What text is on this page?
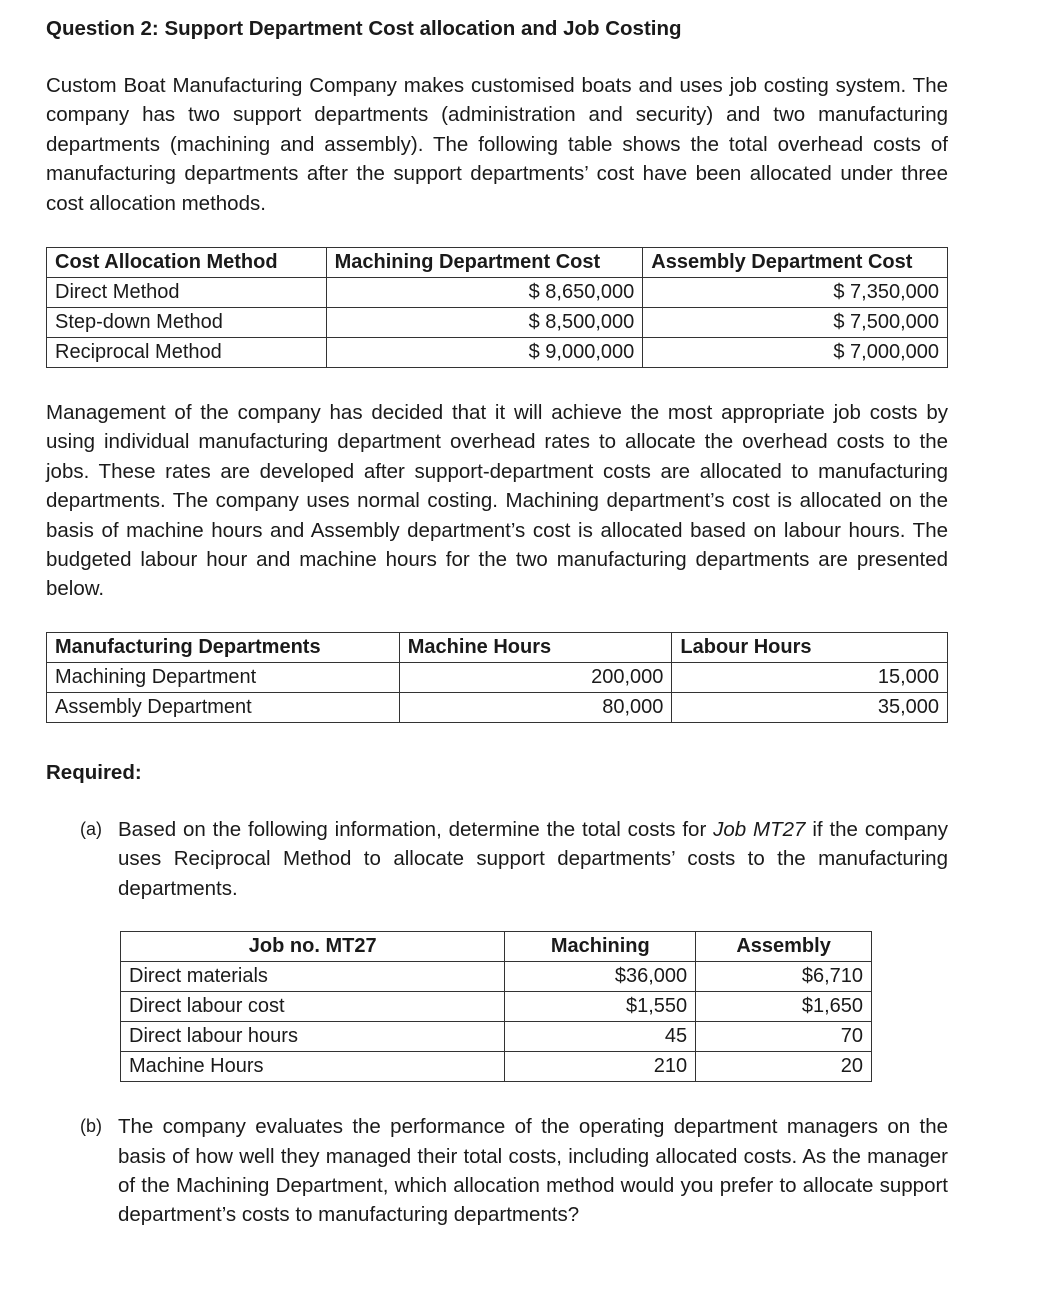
Question 2: Support Department Cost allocation and Job Costing

Custom Boat Manufacturing Company makes customised boats and uses job costing system. The company has two support departments (administration and security) and two manufacturing departments (machining and assembly). The following table shows the total overhead costs of manufacturing departments after the support departments’ cost have been allocated under three cost allocation methods.

Cost Allocation Method	Machining Department Cost	Assembly Department Cost
Direct Method	$ 8,650,000	$ 7,350,000
Step-down Method	$ 8,500,000	$ 7,500,000
Reciprocal Method	$ 9,000,000	$ 7,000,000

Management of the company has decided that it will achieve the most appropriate job costs by using individual manufacturing department overhead rates to allocate the overhead costs to the jobs. These rates are developed after support-department costs are allocated to manufacturing departments. The company uses normal costing. Machining department’s cost is allocated on the basis of machine hours and Assembly department’s cost is allocated based on labour hours. The budgeted labour hour and machine hours for the two manufacturing departments are presented below.

Manufacturing Departments	Machine Hours	Labour Hours
Machining Department	200,000	15,000
Assembly Department	80,000	35,000
Required:
(a) Based on the following information, determine the total costs for Job MT27 if the company uses Reciprocal Method to allocate support departments’ costs to the manufacturing departments.

Job no. MT27	Machining	Assembly
Direct materials	$36,000	$6,710
Direct labour cost	$1,550	$1,650
Direct labour hours	45	70
Machine Hours	210	20
(b) The company evaluates the performance of the operating department managers on the basis of how well they managed their total costs, including allocated costs. As the manager of the Machining Department, which allocation method would you prefer to allocate support department’s costs to manufacturing departments?
